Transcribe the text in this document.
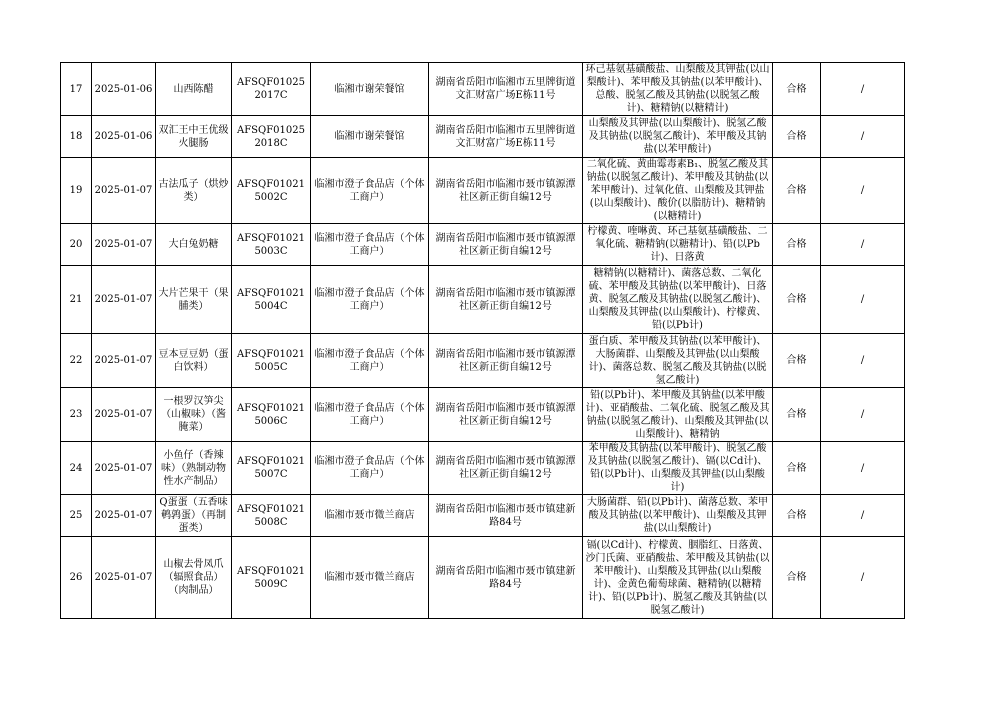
17	2025-01-06	山西陈醋	AFSQF010252017C	临湘市谢荣餐馆	湖南省岳阳市临湘市五里牌街道文汇财富广场E栋11号	环己基氨基磺酸盐、山梨酸及其钾盐(以山梨酸计)、苯甲酸及其钠盐(以苯甲酸计)、总酸、脱氢乙酸及其钠盐(以脱氢乙酸计)、糖精钠(以糖精计)	合格	/
18	2025-01-06	双汇王中王优级火腿肠	AFSQF010252018C	临湘市谢荣餐馆	湖南省岳阳市临湘市五里牌街道文汇财富广场E栋11号	山梨酸及其钾盐(以山梨酸计)、脱氢乙酸及其钠盐(以脱氢乙酸计)、苯甲酸及其钠盐(以苯甲酸计)	合格	/
19	2025-01-07	古法瓜子（烘炒类）	AFSQF010215002C	临湘市澄子食品店（个体工商户）	湖南省岳阳市临湘市聂市镇源潭社区新正街自编12号	二氧化硫、黄曲霉毒素B₁、脱氢乙酸及其钠盐(以脱氢乙酸计)、苯甲酸及其钠盐(以苯甲酸计)、过氧化值、山梨酸及其钾盐(以山梨酸计)、酸价(以脂肪计)、糖精钠(以糖精计)	合格	/
20	2025-01-07	大白兔奶糖	AFSQF010215003C	临湘市澄子食品店（个体工商户）	湖南省岳阳市临湘市聂市镇源潭社区新正街自编12号	柠檬黄、喹啉黄、环己基氨基磺酸盐、二氧化硫、糖精钠(以糖精计)、铅(以Pb计)、日落黄	合格	/
21	2025-01-07	大片芒果干（果脯类）	AFSQF010215004C	临湘市澄子食品店（个体工商户）	湖南省岳阳市临湘市聂市镇源潭社区新正街自编12号	糖精钠(以糖精计)、菌落总数、二氧化硫、苯甲酸及其钠盐(以苯甲酸计)、日落黄、脱氢乙酸及其钠盐(以脱氢乙酸计)、山梨酸及其钾盐(以山梨酸计)、柠檬黄、铅(以Pb计)	合格	/
22	2025-01-07	豆本豆豆奶（蛋白饮料）	AFSQF010215005C	临湘市澄子食品店（个体工商户）	湖南省岳阳市临湘市聂市镇源潭社区新正街自编12号	蛋白质、苯甲酸及其钠盐(以苯甲酸计)、大肠菌群、山梨酸及其钾盐(以山梨酸计)、菌落总数、脱氢乙酸及其钠盐(以脱氢乙酸计)	合格	/
23	2025-01-07	一根罗汉笋尖（山椒味）（酱腌菜）	AFSQF010215006C	临湘市澄子食品店（个体工商户）	湖南省岳阳市临湘市聂市镇源潭社区新正街自编12号	铅(以Pb计)、苯甲酸及其钠盐(以苯甲酸计)、亚硝酸盐、二氧化硫、脱氢乙酸及其钠盐(以脱氢乙酸计)、山梨酸及其钾盐(以山梨酸计)、糖精钠	合格	/
24	2025-01-07	小鱼仔（香辣味）（熟制动物性水产制品）	AFSQF010215007C	临湘市澄子食品店（个体工商户）	湖南省岳阳市临湘市聂市镇源潭社区新正街自编12号	苯甲酸及其钠盐(以苯甲酸计)、脱氢乙酸及其钠盐(以脱氢乙酸计)、镉(以Cd计)、铅(以Pb计)、山梨酸及其钾盐(以山梨酸计)	合格	/
25	2025-01-07	Q蛋蛋（五香味鹌鹑蛋）（再制蛋类）	AFSQF010215008C	临湘市聂市微兰商店	湖南省岳阳市临湘市聂市镇建新路84号	大肠菌群、铅(以Pb计)、菌落总数、苯甲酸及其钠盐(以苯甲酸计)、山梨酸及其钾盐(以山梨酸计)	合格	/
26	2025-01-07	山椒去骨凤爪（辐照食品）（肉制品）	AFSQF010215009C	临湘市聂市微兰商店	湖南省岳阳市临湘市聂市镇建新路84号	镉(以Cd计)、柠檬黄、胭脂红、日落黄、沙门氏菌、亚硝酸盐、苯甲酸及其钠盐(以苯甲酸计)、山梨酸及其钾盐(以山梨酸计)、金黄色葡萄球菌、糖精钠(以糖精计)、铅(以Pb计)、脱氢乙酸及其钠盐(以脱氢乙酸计)	合格	/
